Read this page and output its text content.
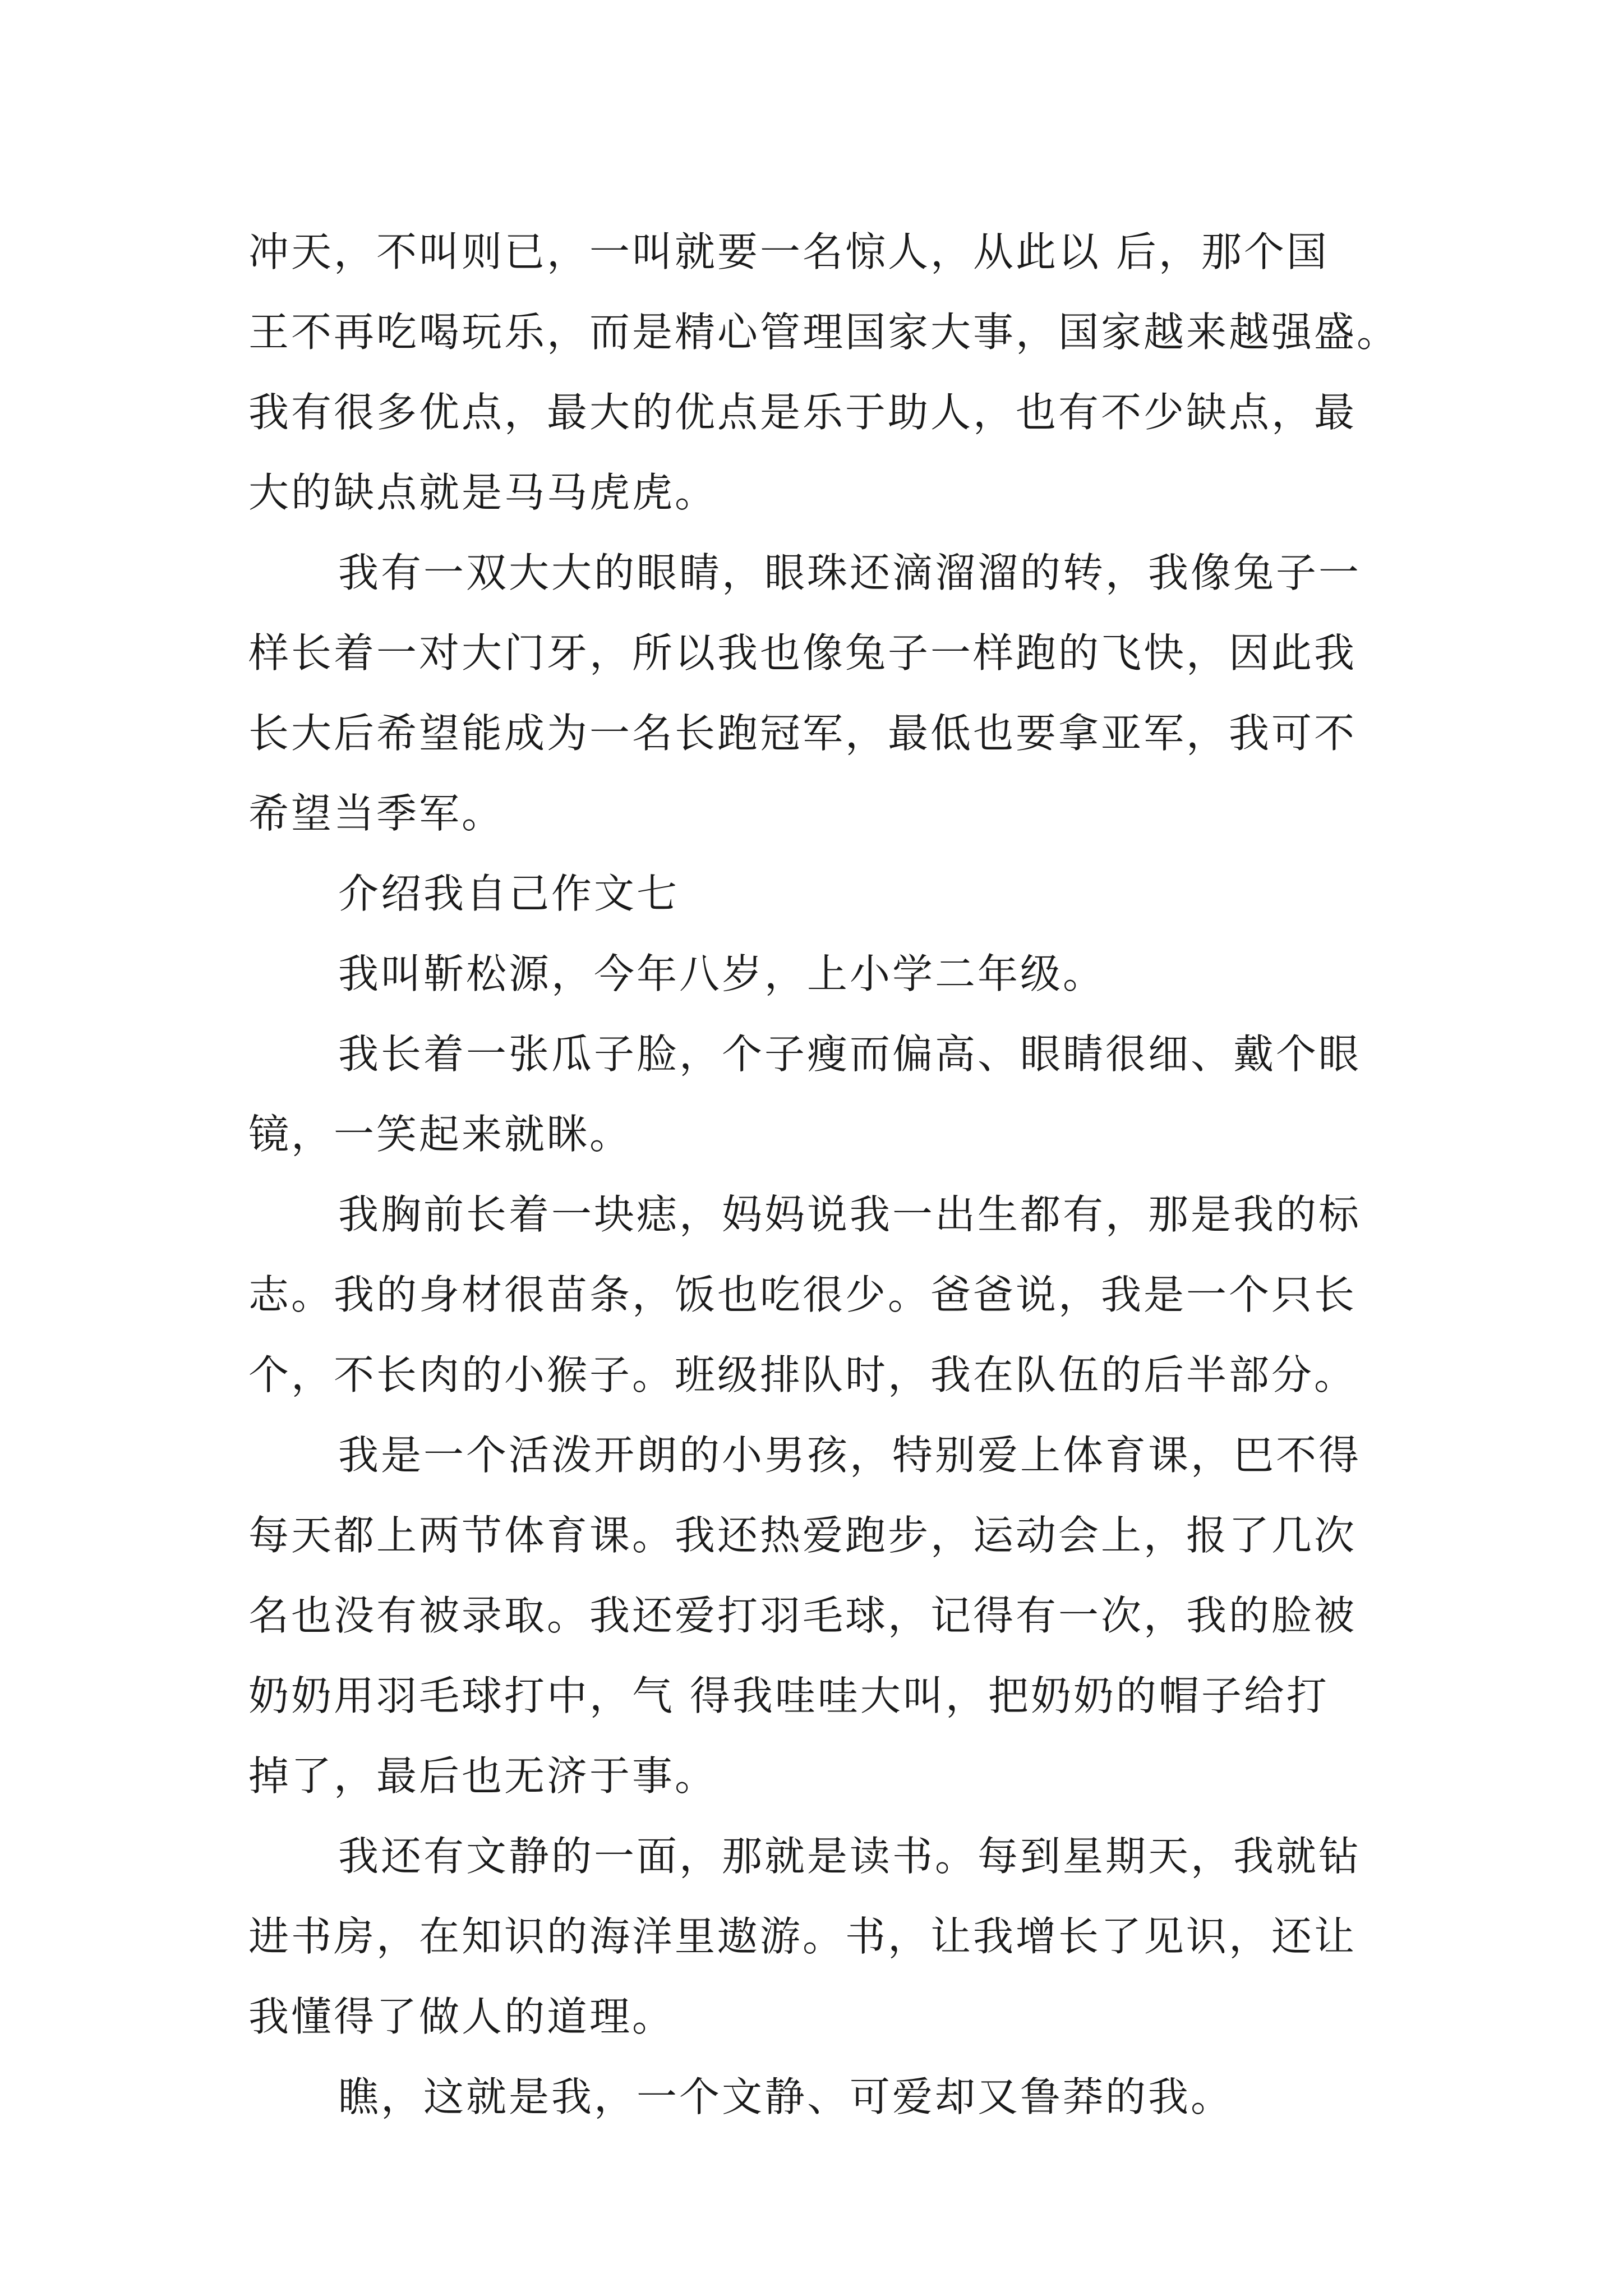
冲天，不叫则已，一叫就要一名惊人，从此以 后，那个国
王不再吃喝玩乐，而是精心管理国家大事，国家越来越强盛。
我有很多优点，最大的优点是乐于助人，也有不少缺点，最
大的缺点就是马马虎虎。
我有一双大大的眼睛，眼珠还滴溜溜的转，我像兔子一
样长着一对大门牙，所以我也像兔子一样跑的飞快，因此我
长大后希望能成为一名长跑冠军，最低也要拿亚军，我可不
希望当季军。
介绍我自己作文七
我叫靳松源，今年八岁，上小学二年级。
我长着一张瓜子脸，个子瘦而偏高、眼睛很细、戴个眼
镜，一笑起来就眯。
我胸前长着一块痣，妈妈说我一出生都有，那是我的标
志。我的身材很苗条，饭也吃很少。爸爸说，我是一个只长
个，不长肉的小猴子。班级排队时，我在队伍的后半部分。
我是一个活泼开朗的小男孩，特别爱上体育课，巴不得
每天都上两节体育课。我还热爱跑步，运动会上，报了几次
名也没有被录取。我还爱打羽毛球，记得有一次，我的脸被
奶奶用羽毛球打中，气 得我哇哇大叫，把奶奶的帽子给打
掉了，最后也无济于事。
我还有文静的一面，那就是读书。每到星期天，我就钻
进书房，在知识的海洋里遨游。书，让我增长了见识，还让
我懂得了做人的道理。
瞧，这就是我，一个文静、可爱却又鲁莽的我。
